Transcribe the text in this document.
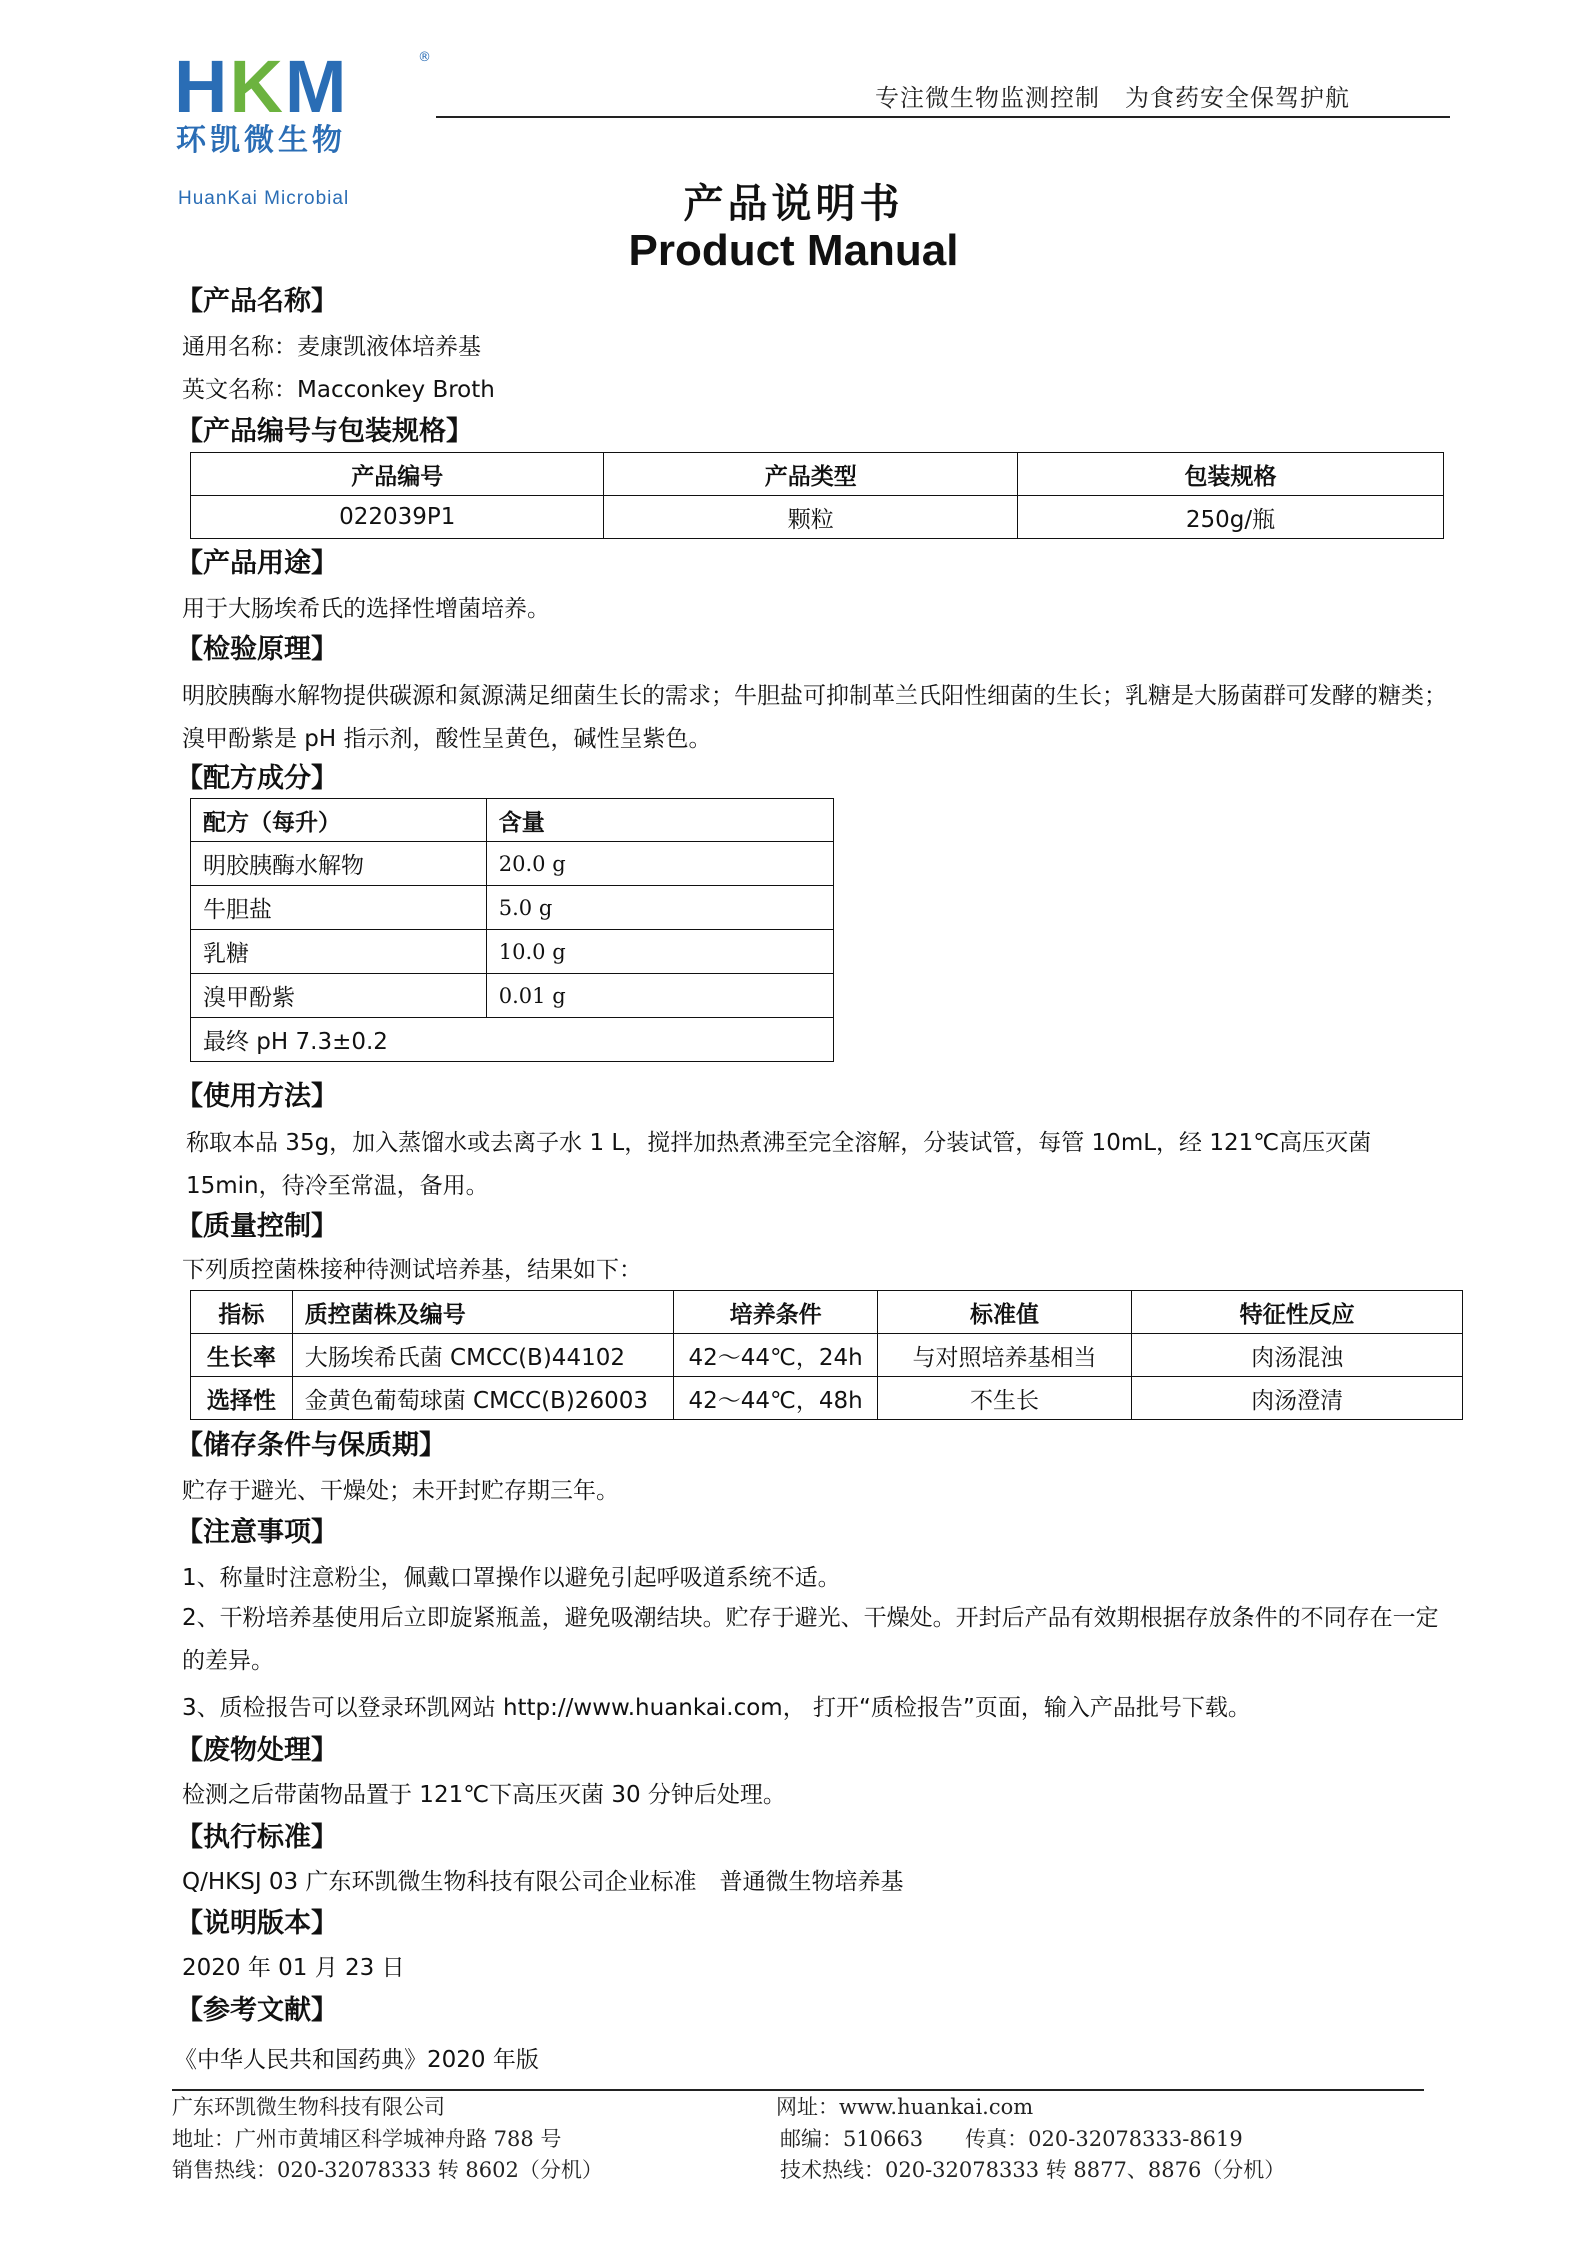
HKM	®
环凯微生物
HuanKai Microbial
专注微生物监测控制　为食药安全保驾护航
产品说明书
Product Manual
【产品名称】
通用名称：麦康凯液体培养基
英文名称：Macconkey Broth
【产品编号与包装规格】
产品编号	产品类型	包装规格
022039P1	颗粒	250g/瓶
【产品用途】
用于大肠埃希氏的选择性增菌培养。
【检验原理】
明胶胰酶水解物提供碳源和氮源满足细菌生长的需求；牛胆盐可抑制革兰氏阳性细菌的生长；乳糖是大肠菌群可发酵的糖类；溴甲酚紫是 pH 指示剂，酸性呈黄色，碱性呈紫色。
【配方成分】
配方（每升）	含量
明胶胰酶水解物	20.0 g
牛胆盐	5.0 g
乳糖	10.0 g
溴甲酚紫	0.01 g
最终 pH 7.3±0.2	
【使用方法】
称取本品 35g，加入蒸馏水或去离子水 1 L，搅拌加热煮沸至完全溶解，分装试管，每管 10mL，经 121℃高压灭菌 15min，待冷至常温，备用。
【质量控制】
下列质控菌株接种待测试培养基，结果如下：
指标	质控菌株及编号	培养条件	标准值	特征性反应
生长率	大肠埃希氏菌 CMCC(B)44102	42～44℃，24h	与对照培养基相当	肉汤混浊
选择性	金黄色葡萄球菌 CMCC(B)26003	42～44℃，48h	不生长	肉汤澄清
【储存条件与保质期】
贮存于避光、干燥处；未开封贮存期三年。
【注意事项】
1、称量时注意粉尘，佩戴口罩操作以避免引起呼吸道系统不适。
2、干粉培养基使用后立即旋紧瓶盖，避免吸潮结块。贮存于避光、干燥处。开封后产品有效期根据存放条件的不同存在一定的差异。
3、质检报告可以登录环凯网站 http://www.huankai.com， 打开“质检报告”页面，输入产品批号下载。
【废物处理】
检测之后带菌物品置于 121℃下高压灭菌 30 分钟后处理。
【执行标准】
Q/HKSJ 03 广东环凯微生物科技有限公司企业标准　普通微生物培养基
【说明版本】
2020 年 01 月 23 日
【参考文献】
《中华人民共和国药典》2020 年版
广东环凯微生物科技有限公司
地址：广州市黄埔区科学城神舟路 788 号
销售热线：020-32078333 转 8602（分机）
网址：www.huankai.com
邮编：510663　　传真：020-32078333-8619
技术热线：020-32078333 转 8877、8876（分机）
